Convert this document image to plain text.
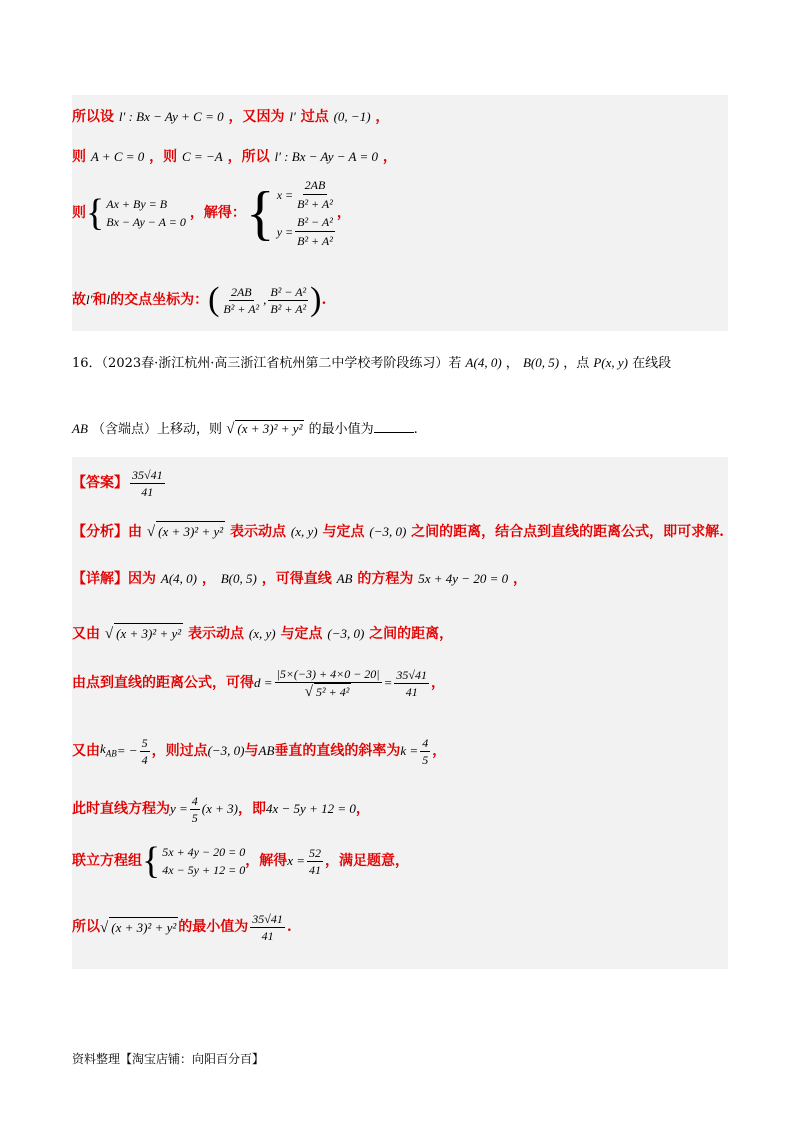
所以设 l′ : Bx − Ay + C = 0 ，又因为 l′ 过点 (0, −1) ，
则 A + C = 0 ，则 C = −A ，所以 l′ : Bx − Ay − A = 0 ，
则 { Ax + By = B
Bx − Ay − A = 0
，解得： { $x = \frac{2AB}{\text{B² + A²}}$
$y = \frac{\text{B² − A²}}{\text{B² + A²}}$ ，
故 l′ 和 l 的交点坐标为： ( $\frac{2AB}{\text{B² + A²}}$ , $\frac{\text{B² − A²}}{\text{B² + A²}}$ ) .
16．（2023春·浙江杭州·高三浙江省杭州第二中学校考阶段练习）若 A(4, 0) ， B(0, 5) ，点 P(x, y) 在线段
AB （含端点）上移动，则 √ (x + 3)² + y² 的最小值为	.
【答案】 $\frac{35√41}{41}$
【分析】由 √ (x + 3)² + y² 表示动点 (x, y) 与定点 (−3, 0) 之间的距离，结合点到直线的距离公式，即可求解.
【详解】因为 A(4, 0) ， B(0, 5) ，可得直线 AB 的方程为 5x + 4y − 20 = 0 ，
又由 √ (x + 3)² + y² 表示动点 (x, y) 与定点 (−3, 0) 之间的距离，
由点到直线的距离公式，可得 $d = \frac{|5\times(-3) + 4\times 0 - 20|}{\text{√ 5² + 4²}} = \frac{35√41}{41}$ ，
又由 $k_{AB}$ = − $\frac{5}{4}$ ，则过点 (−3, 0) 与 AB 垂直的直线的斜率为 $k = \frac{4}{5}$ ，
此时直线方程为 $y = \frac{4}{5} (x + 3)$ ，即 4x − 5y + 12 = 0 ，
联立方程组 { 5x + 4y − 20 = 0
4x − 5y + 12 = 0
，解得 $x = \frac{52}{41}$ ，满足题意，
所以 √ (x + 3)² + y² 的最小值为 $\frac{35√41}{41}$ .
资料整理【淘宝店铺：向阳百分百】
